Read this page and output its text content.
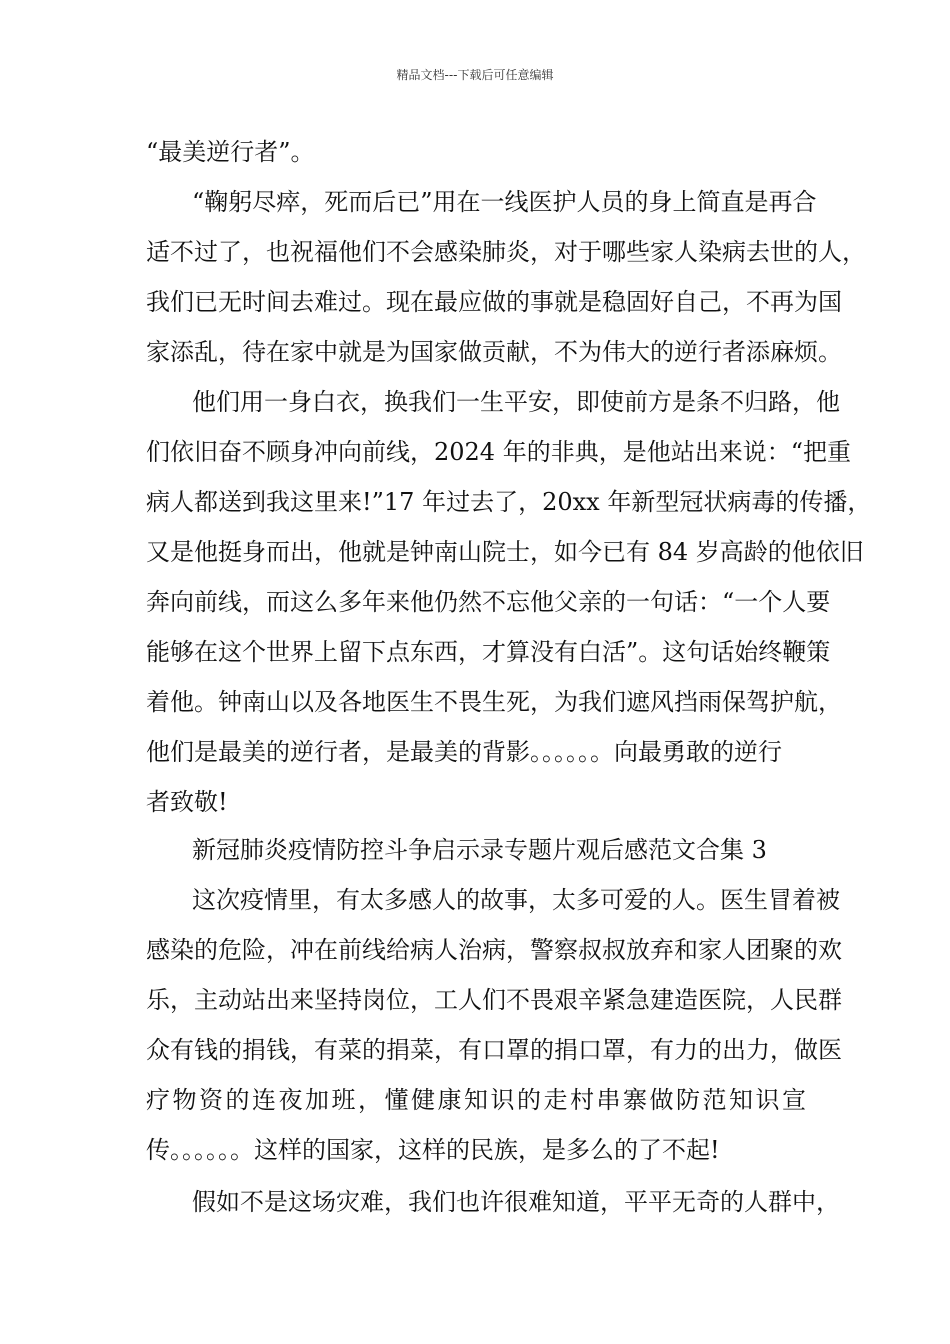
精品文档---下载后可任意编辑
“最美逆行者”。
“鞠躬尽瘁，死而后已”用在一线医护人员的身上简直是再合
适不过了，也祝福他们不会感染肺炎，对于哪些家人染病去世的人，
我们已无时间去难过。现在最应做的事就是稳固好自己，不再为国
家添乱，待在家中就是为国家做贡献，不为伟大的逆行者添麻烦。
他们用一身白衣，换我们一生平安，即使前方是条不归路，他
们依旧奋不顾身冲向前线，2024 年的非典，是他站出来说：“把重
病人都送到我这里来!”17 年过去了，20xx 年新型冠状病毒的传播，
又是他挺身而出，他就是钟南山院士，如今已有 84 岁高龄的他依旧
奔向前线，而这么多年来他仍然不忘他父亲的一句话：“一个人要
能够在这个世界上留下点东西，才算没有白活”。这句话始终鞭策
着他。钟南山以及各地医生不畏生死，为我们遮风挡雨保驾护航，
他们是最美的逆行者，是最美的背影。。。。。。向最勇敢的逆行
者致敬!
新冠肺炎疫情防控斗争启示录专题片观后感范文合集 3
这次疫情里，有太多感人的故事，太多可爱的人。医生冒着被
感染的危险，冲在前线给病人治病，警察叔叔放弃和家人团聚的欢
乐，主动站出来坚持岗位，工人们不畏艰辛紧急建造医院，人民群
众有钱的捐钱，有菜的捐菜，有口罩的捐口罩，有力的出力，做医
疗物资的连夜加班，懂健康知识的走村串寨做防范知识宣
传。。。。。。这样的国家，这样的民族，是多么的了不起!
假如不是这场灾难，我们也许很难知道，平平无奇的人群中，
